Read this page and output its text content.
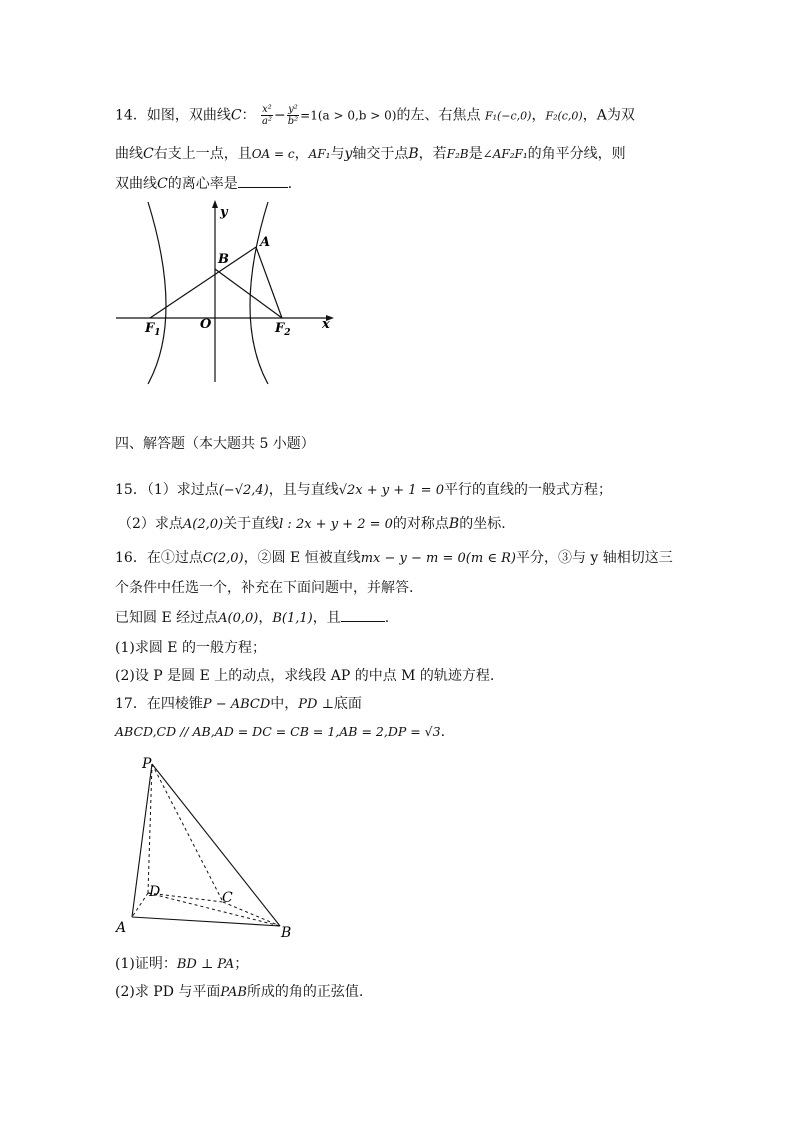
14．如图，双曲线C： $\frac{\text{x²}}{\text{a²}} - \frac{\text{y²}}{\text{b²}} =1(a > 0,b > 0)$的左、右焦点 F₁(−c,0)，F₂(c,0)，A为双
曲线C右支上一点，且OA = c，AF₁与y轴交于点B，若F₂B是∠AF₂F₁的角平分线，则
双曲线C的离心率是	．
y
x
A
B
O
$F_1$	$F_2$
四、解答题（本大题共 5 小题）
15．（1）求过点(−√2,4)，且与直线√2x + y + 1 = 0平行的直线的一般式方程；
（2）求点A(2,0)关于直线l : 2x + y + 2 = 0的对称点B的坐标.
16．在①过点C(2,0)，②圆 E 恒被直线mx − y − m = 0(m ∈ R)平分，③与 y 轴相切这三
个条件中任选一个，补充在下面问题中，并解答.
已知圆 E 经过点A(0,0)，B(1,1)，且	.
(1)求圆 E 的一般方程；
(2)设 P 是圆 E 上的动点，求线段 AP 的中点 M 的轨迹方程.
17．在四棱锥P − ABCD中，PD ⊥底面
ABCD,CD // AB,AD = DC = CB = 1,AB = 2,DP = √3.
P
D	C
A	B
(1)证明：BD ⊥ PA；
(2)求 PD 与平面PAB所成的角的正弦值.
